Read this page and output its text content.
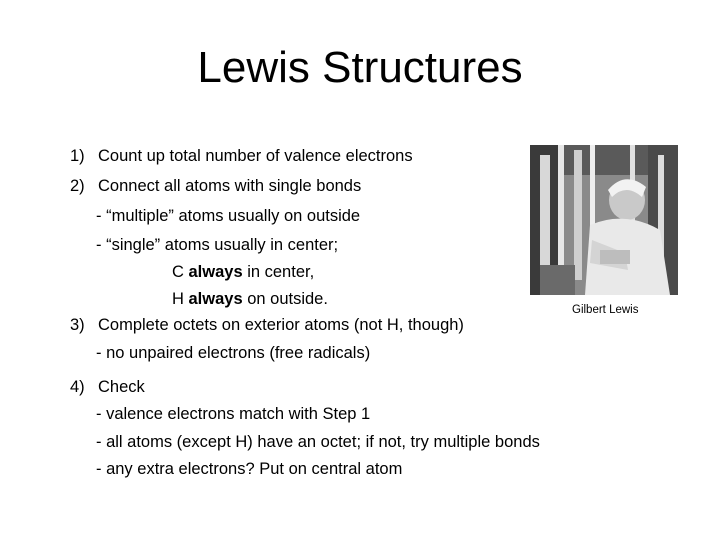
Lewis Structures
1) Count up total number of valence electrons
2) Connect all atoms with single bonds
- “multiple” atoms usually on outside
- “single” atoms usually in center;
C always in center,
H always on outside.
3) Complete octets on exterior atoms (not H, though)
- no unpaired electrons (free radicals)
4) Check
- valence electrons match with Step 1
- all atoms (except H) have an octet; if not, try multiple bonds
- any extra electrons? Put on central atom
Gilbert Lewis
